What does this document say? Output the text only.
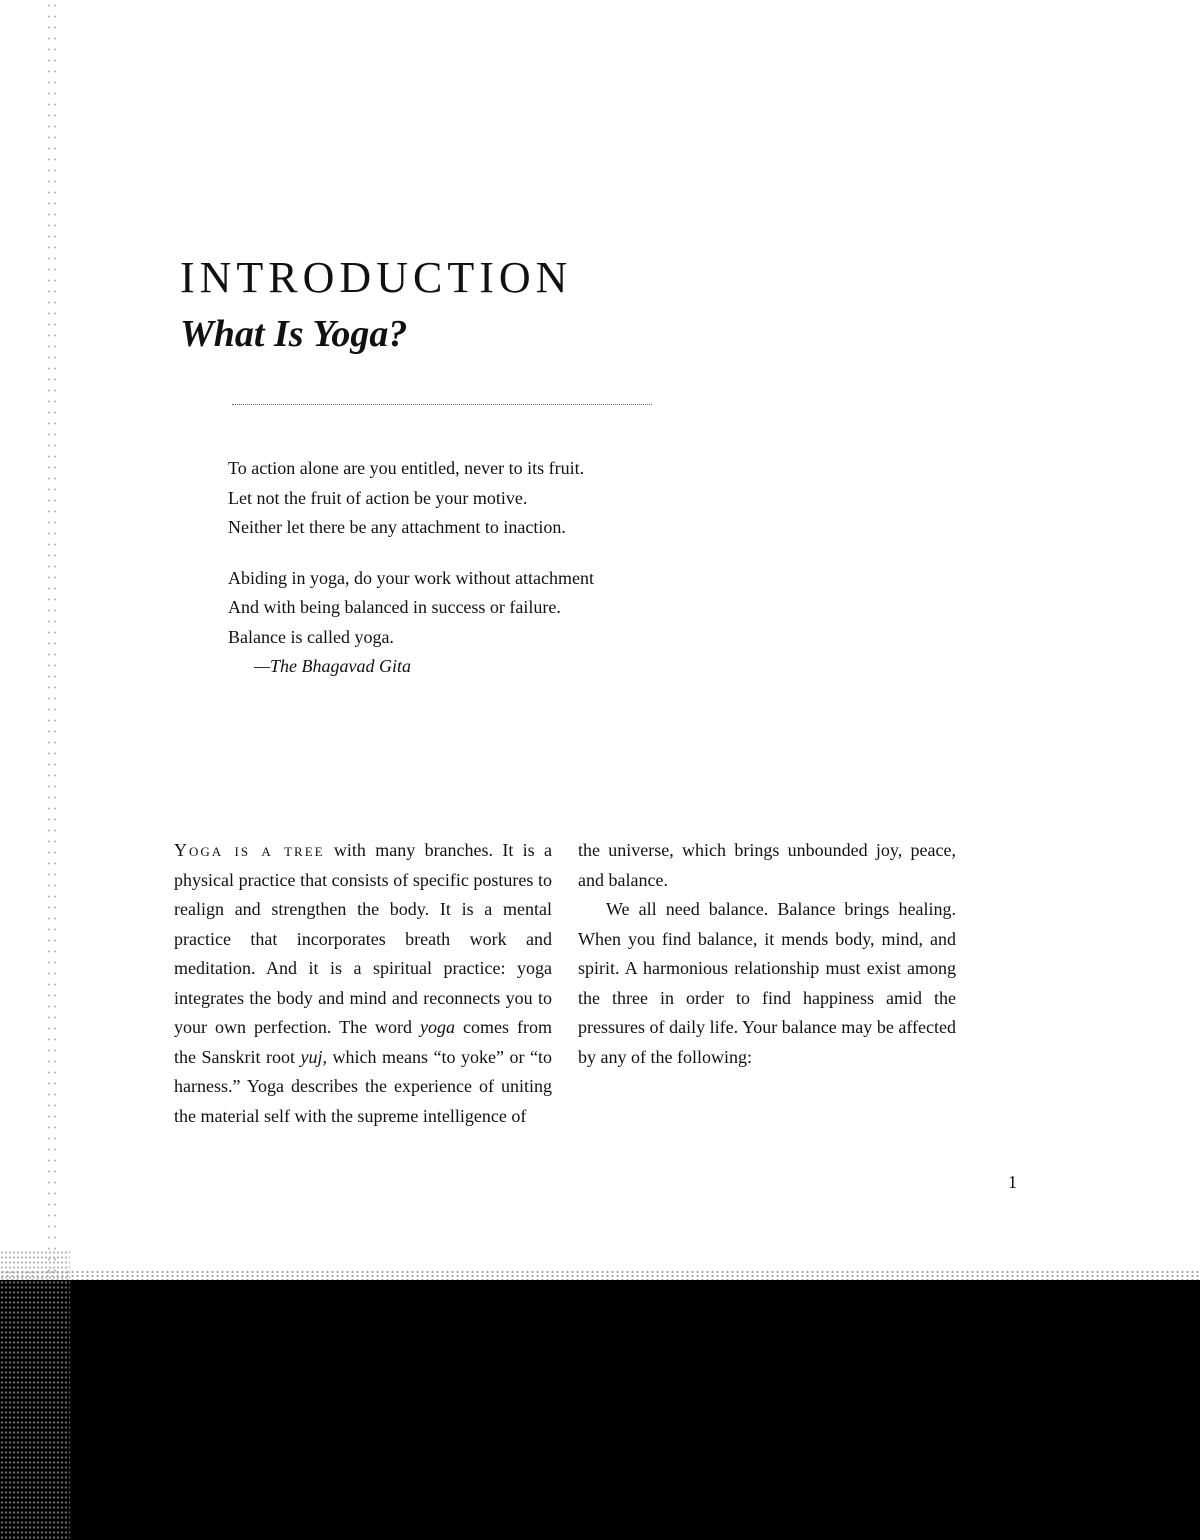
INTRODUCTION
What Is Yoga?
To action alone are you entitled, never to its fruit.
Let not the fruit of action be your motive.
Neither let there be any attachment to inaction.
Abiding in yoga, do your work without attachment
And with being balanced in success or failure.
Balance is called yoga.
—The Bhagavad Gita

Yoga is a tree with many branches. It is a physical practice that consists of specific postures to realign and strengthen the body. It is a mental practice that incorporates breath work and meditation. And it is a spiritual practice: yoga integrates the body and mind and reconnects you to your own perfection. The word yoga comes from the Sanskrit root yuj, which means “to yoke” or “to harness.” Yoga describes the experience of uniting the material self with the supreme intelligence of

the universe, which brings unbounded joy, peace, and balance.

We all need balance. Balance brings healing. When you find balance, it mends body, mind, and spirit. A harmonious relationship must exist among the three in order to find happiness amid the pressures of daily life. Your balance may be affected by any of the following:

1
